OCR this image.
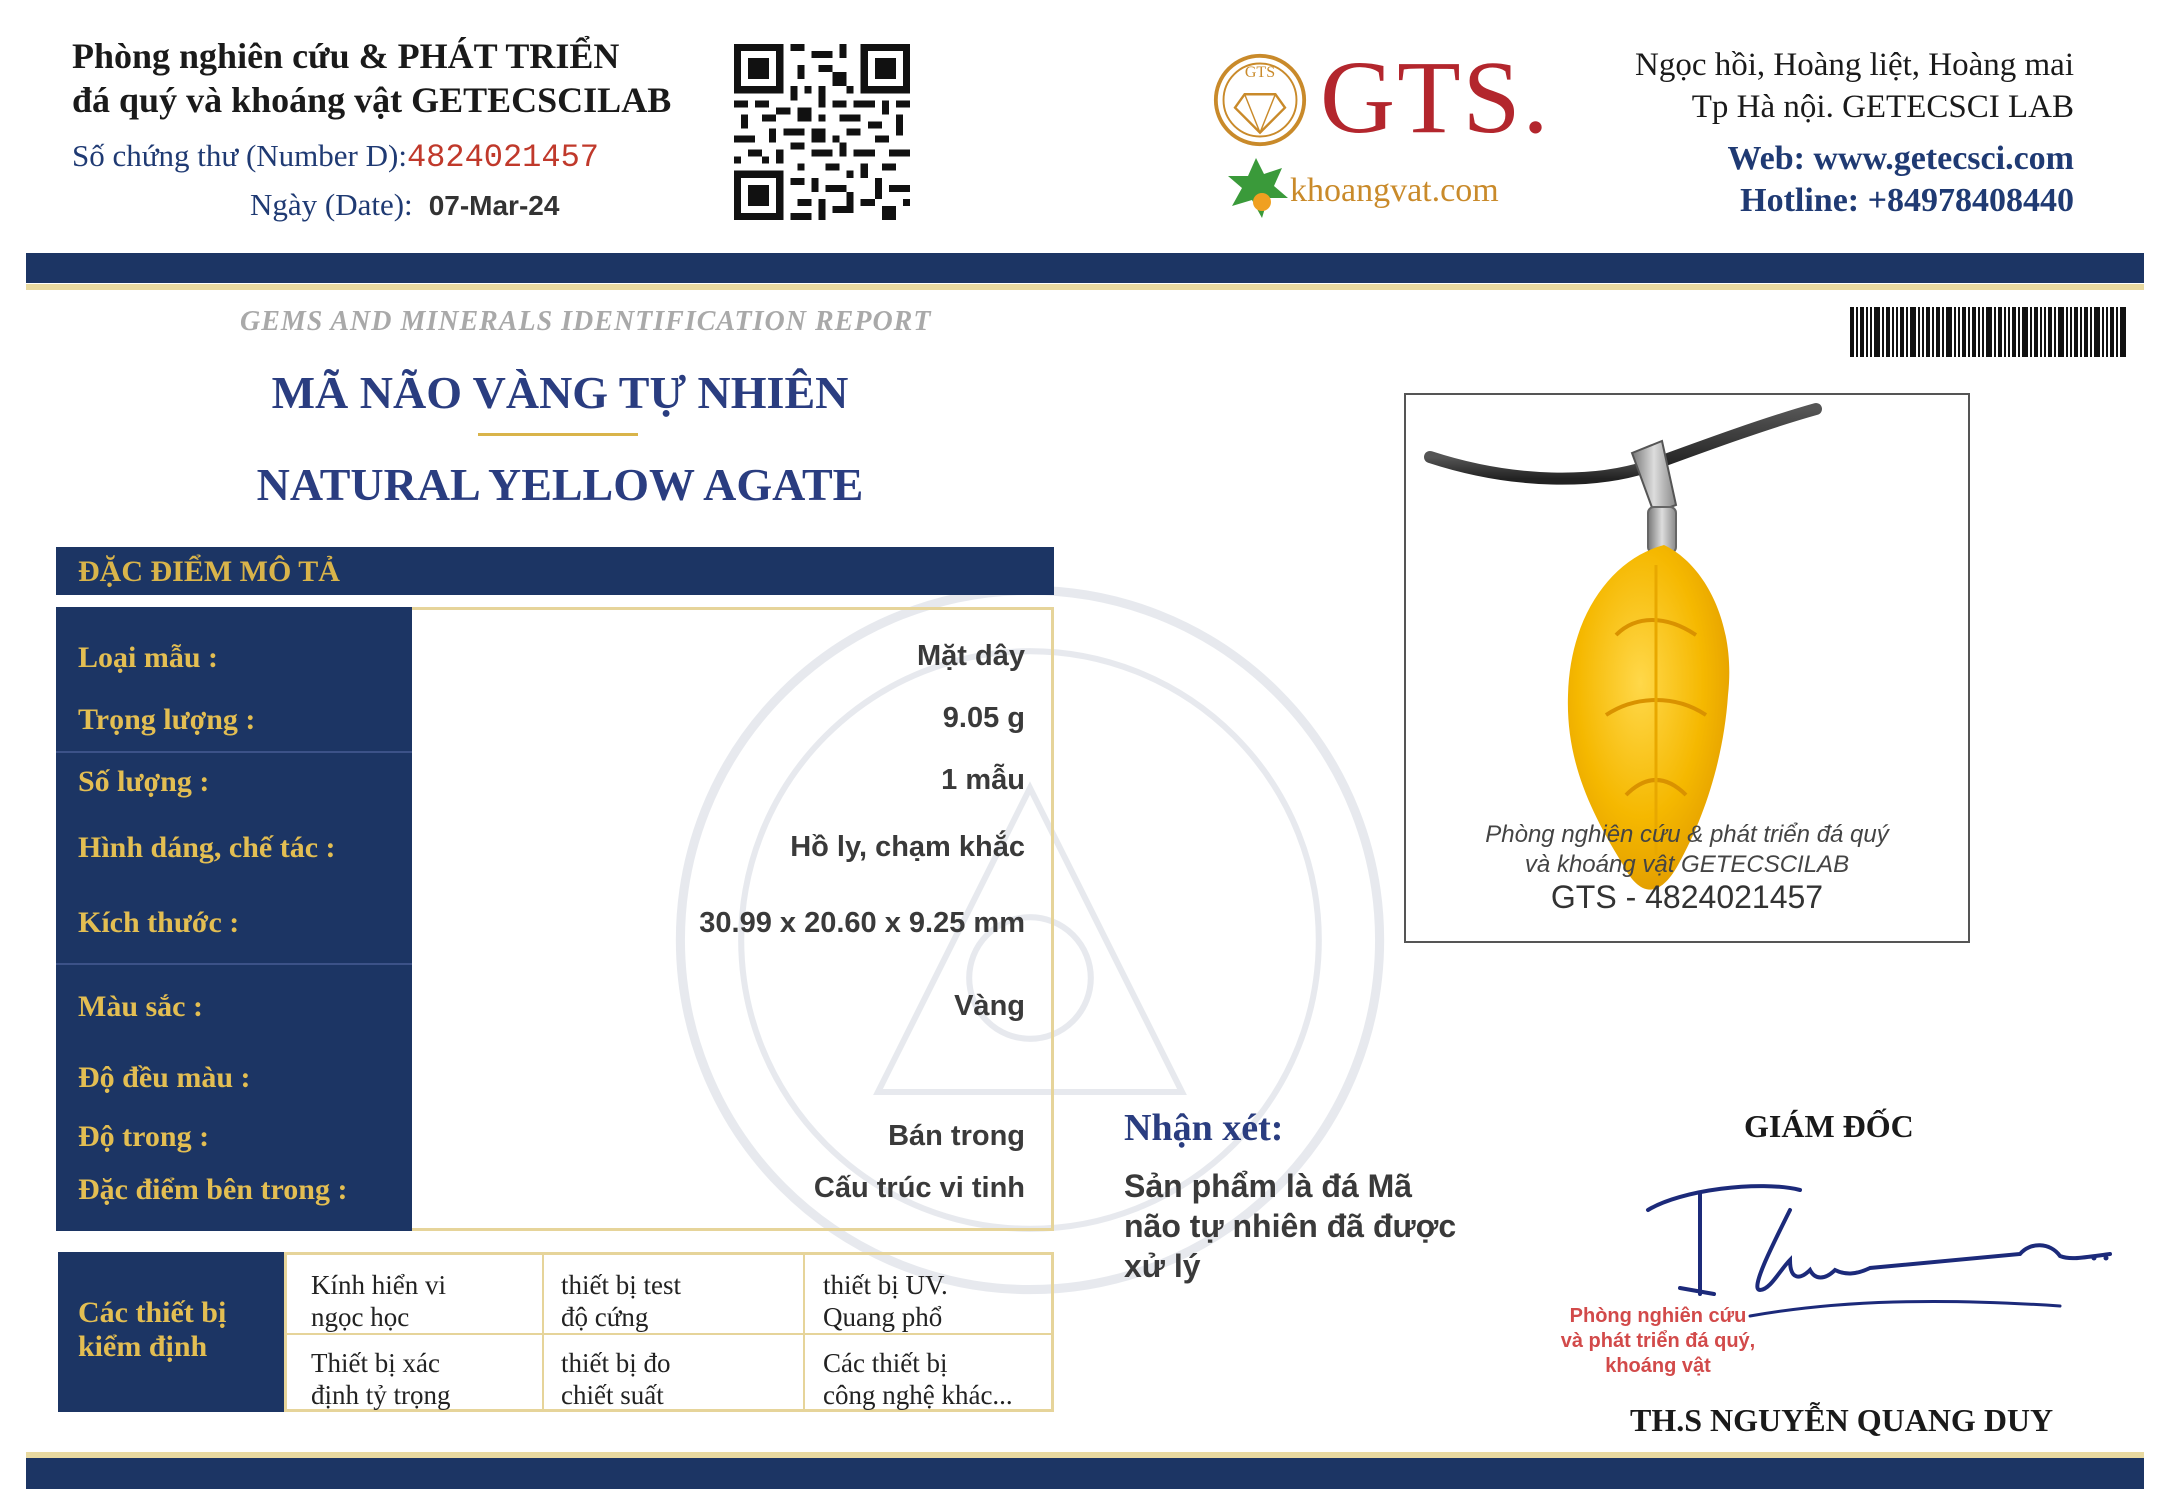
Phòng nghiên cứu & PHÁT TRIỂN
đá quý và khoáng vật GETECSCILAB
Số chứng thư (Number D):4824021457
Ngày (Date): 07-Mar-24
GTS GTS.
khoangvat.com
Ngọc hồi, Hoàng liệt, Hoàng mai
Tp Hà nội. GETECSCI LAB
Web: www.getecsci.com
Hotline: +84978408440
GEMS AND MINERALS IDENTIFICATION REPORT
MÃ NÃO VÀNG TỰ NHIÊN
NATURAL YELLOW AGATE
ĐẶC ĐIỂM MÔ TẢ
Loại mẫu :
Trọng lượng :
Số lượng :
Hình dáng, chế tác :
Kích thước :
Màu sắc :
Độ đều màu :
Độ trong :
Đặc điểm bên trong :
Mặt dây
9.05 g
1 mẫu
Hồ ly, chạm khắc
30.99 x 20.60 x 9.25 mm
Vàng
Bán trong
Cấu trúc vi tinh
Các thiết bị
kiểm định
Kính hiển vi
ngọc học
thiết bị test
độ cứng
thiết bị UV.
Quang phổ
Thiết bị xác
định tỷ trọng
thiết bị đo
chiết suất
Các thiết bị
công nghệ khác...
Phòng nghiên cứu & phát triển đá quý
và khoáng vật GETECSCILAB
GTS - 4824021457
Nhận xét:
Sản phẩm là đá Mã não tự nhiên đã được xử lý
GIÁM ĐỐC
Phòng nghiên cứu
và phát triển đá quý,
khoáng vật
TH.S NGUYỄN QUANG DUY
